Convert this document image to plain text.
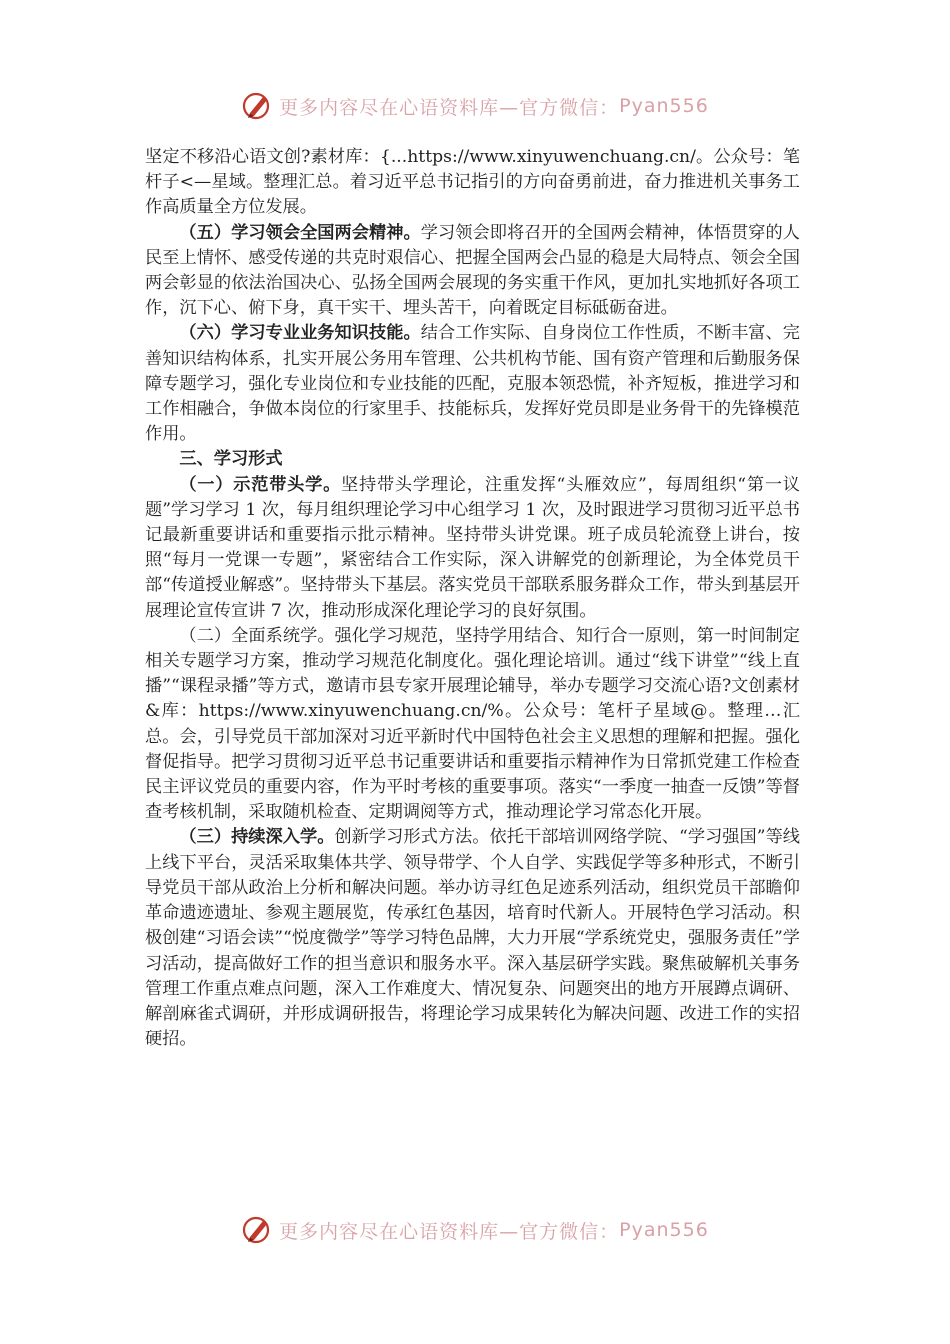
更多内容尽在心语资料库—官方微信： Pyan556

坚定不移沿心语文创?素材库：{...https://www.xinyuwenchuang.cn/。公众号：笔杆子<—星域。整理汇总。着习近平总书记指引的方向奋勇前进，奋力推进机关事务工作高质量全方位发展。

（五）学习领会全国两会精神。学习领会即将召开的全国两会精神，体悟贯穿的人民至上情怀、感受传递的共克时艰信心、把握全国两会凸显的稳是大局特点、领会全国两会彰显的依法治国决心、弘扬全国两会展现的务实重干作风，更加扎实地抓好各项工作，沉下心、俯下身，真干实干、埋头苦干，向着既定目标砥砺奋进。

（六）学习专业业务知识技能。结合工作实际、自身岗位工作性质，不断丰富、完善知识结构体系，扎实开展公务用车管理、公共机构节能、国有资产管理和后勤服务保障专题学习，强化专业岗位和专业技能的匹配，克服本领恐慌，补齐短板，推进学习和工作相融合，争做本岗位的行家里手、技能标兵，发挥好党员即是业务骨干的先锋模范作用。

三、学习形式

（一）示范带头学。坚持带头学理论，注重发挥“头雁效应”，每周组织“第一议题”学习学习 1 次，每月组织理论学习中心组学习 1 次，及时跟进学习贯彻习近平总书记最新重要讲话和重要指示批示精神。坚持带头讲党课。班子成员轮流登上讲台，按照“每月一党课一专题”，紧密结合工作实际，深入讲解党的创新理论，为全体党员干部“传道授业解惑”。坚持带头下基层。落实党员干部联系服务群众工作，带头到基层开展理论宣传宣讲 7 次，推动形成深化理论学习的良好氛围。

（二）全面系统学。强化学习规范，坚持学用结合、知行合一原则，第一时间制定相关专题学习方案，推动学习规范化制度化。强化理论培训。通过“线下讲堂”“线上直播”“课程录播”等方式，邀请市县专家开展理论辅导，举办专题学习交流心语?文创素材&库：https://www.xinyuwenchuang.cn/%。公众号：笔杆子星域@。整理…汇总。会，引导党员干部加深对习近平新时代中国特色社会主义思想的理解和把握。强化督促指导。把学习贯彻习近平总书记重要讲话和重要指示精神作为日常抓党建工作检查民主评议党员的重要内容，作为平时考核的重要事项。落实“一季度一抽查一反馈”等督查考核机制，采取随机检查、定期调阅等方式，推动理论学习常态化开展。

（三）持续深入学。创新学习形式方法。依托干部培训网络学院、“学习强国”等线上线下平台，灵活采取集体共学、领导带学、个人自学、实践促学等多种形式，不断引导党员干部从政治上分析和解决问题。举办访寻红色足迹系列活动，组织党员干部瞻仰革命遗迹遗址、参观主题展览，传承红色基因，培育时代新人。开展特色学习活动。积极创建“习语会读”“悦度微学”等学习特色品牌，大力开展“学系统党史，强服务责任”学习活动，提高做好工作的担当意识和服务水平。深入基层研学实践。聚焦破解机关事务管理工作重点难点问题，深入工作难度大、情况复杂、问题突出的地方开展蹲点调研、解剖麻雀式调研，并形成调研报告，将理论学习成果转化为解决问题、改进工作的实招硬招。

更多内容尽在心语资料库—官方微信： Pyan556
